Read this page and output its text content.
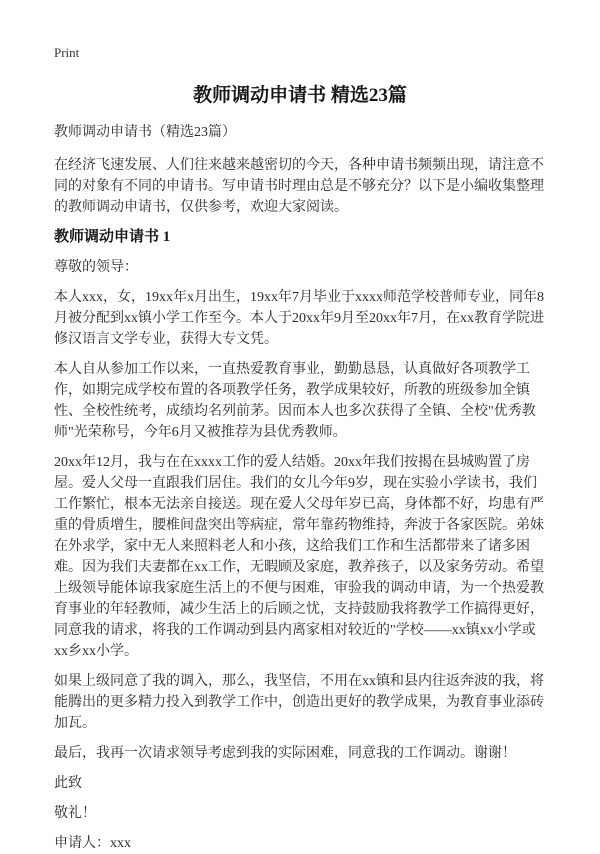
Print
教师调动申请书 精选23篇
教师调动申请书（精选23篇）

在经济飞速发展、人们往来越来越密切的今天，各种申请书频频出现，请注意不同的对象有不同的申请书。写申请书时理由总是不够充分？以下是小编收集整理的教师调动申请书，仅供参考，欢迎大家阅读。

教师调动申请书 1

尊敬的领导：

本人xxx，女，19xx年x月出生，19xx年7月毕业于xxxx师范学校普师专业，同年8月被分配到xx镇小学工作至今。本人于20xx年9月至20xx年7月，在xx教育学院进修汉语言文学专业，获得大专文凭。

本人自从参加工作以来，一直热爱教育事业，勤勤恳恳，认真做好各项教学工作，如期完成学校布置的各项教学任务，教学成果较好，所教的班级参加全镇性、全校性统考，成绩均名列前茅。因而本人也多次获得了全镇、全校"优秀教师"光荣称号，今年6月又被推荐为县优秀教师。

20xx年12月，我与在在xxxx工作的爱人结婚。20xx年我们按揭在县城购置了房屋。爱人父母一直跟我们居住。我们的女儿今年9岁，现在实验小学读书，我们工作繁忙，根本无法亲自接送。现在爱人父母年岁已高，身体都不好，均患有严重的骨质增生，腰椎间盘突出等病症，常年靠药物维持，奔波于各家医院。弟妹在外求学，家中无人来照料老人和小孩，这给我们工作和生活都带来了诸多困难。因为我们夫妻都在xx工作，无暇顾及家庭，教养孩子，以及家务劳动。希望上级领导能体谅我家庭生活上的不便与困难，审验我的调动申请，为一个热爱教育事业的年轻教师，减少生活上的后顾之忧，支持鼓励我将教学工作搞得更好，同意我的请求，将我的工作调动到县内离家相对较近的"学校——xx镇xx小学或xx乡xx小学。

如果上级同意了我的调入，那么，我坚信，不用在xx镇和县内往返奔波的我，将能腾出的更多精力投入到教学工作中，创造出更好的教学成果，为教育事业添砖加瓦。

最后，我再一次请求领导考虑到我的实际困难，同意我的工作调动。谢谢！

此致

敬礼！

申请人：xxx
